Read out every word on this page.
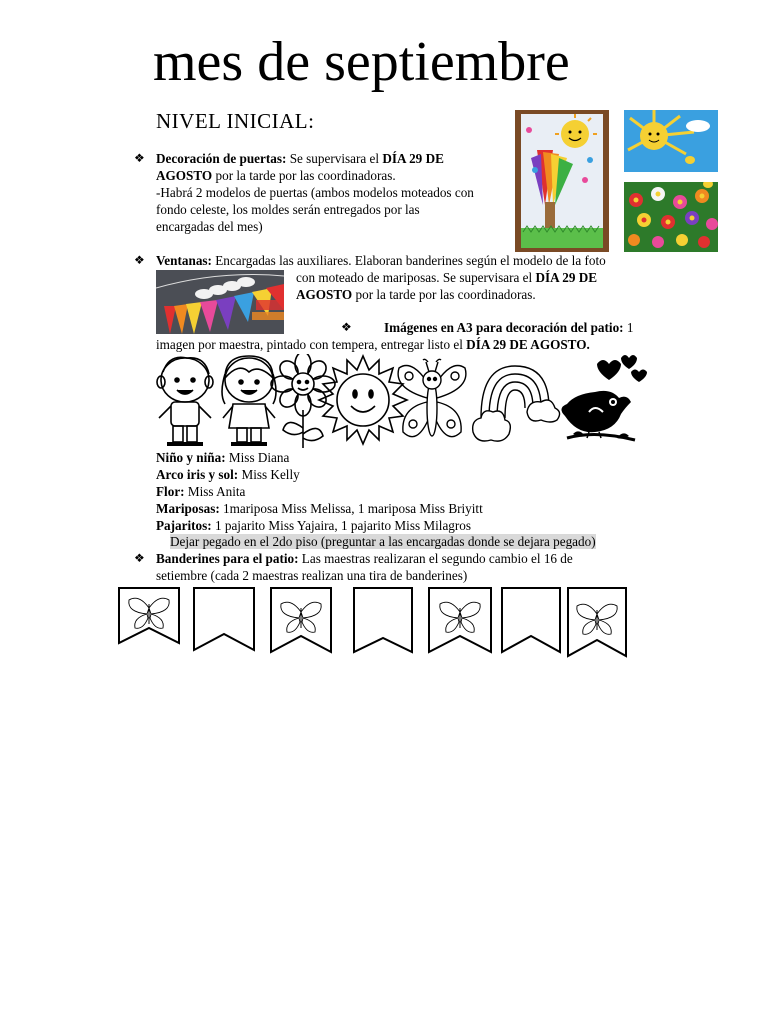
mes de septiembre
NIVEL INICIAL:
❖ Decoración de puertas: Se supervisara el DÍA 29 DE
AGOSTO por la tarde por las coordinadoras.
-Habrá 2 modelos de puertas (ambos modelos moteados con
fondo celeste, los moldes serán entregados por las
encargadas del mes)
❖ Ventanas: Encargadas las auxiliares. Elaboran banderines según el modelo de la foto
con moteado de mariposas. Se supervisara el DÍA 29 DE
AGOSTO por la tarde por las coordinadoras.
❖ Imágenes en A3 para decoración del patio: 1
imagen por maestra, pintado con tempera, entregar listo el DÍA 29 DE AGOSTO.
Niño y niña: Miss Diana
Arco iris y sol: Miss Kelly
Flor: Miss Anita
Mariposas: 1mariposa Miss Melissa, 1 mariposa Miss Briyitt
Pajaritos: 1 pajarito Miss Yajaira, 1 pajarito Miss Milagros
Dejar pegado en el 2do piso (preguntar a las encargadas donde se dejara pegado)
❖ Banderines para el patio: Las maestras realizaran el segundo cambio el 16 de
setiembre (cada 2 maestras realizan una tira de banderines)
